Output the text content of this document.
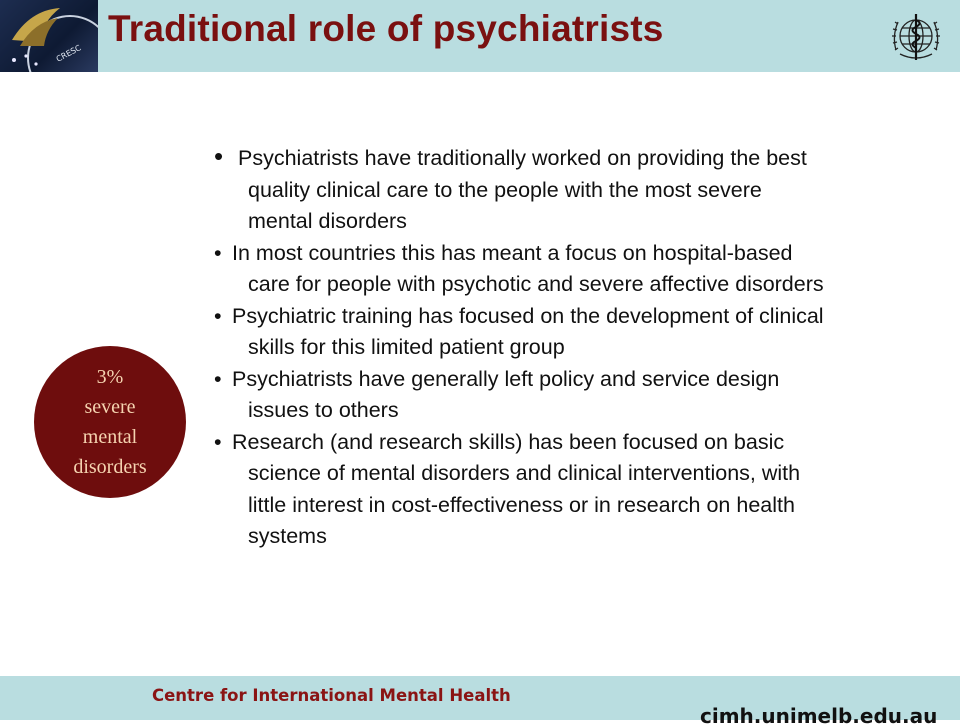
CRESC
Traditional role of psychiatrists
3%
severe
mental
disorders
• Psychiatrists have traditionally worked on providing the best quality clinical care to the people with the most severe mental disorders
• In most countries this has meant a focus on hospital-based care for people with psychotic and severe affective disorders
• Psychiatric training has focused on the development of clinical skills for this limited patient group
• Psychiatrists have generally left policy and service design issues to others
• Research (and research skills) has been focused on basic science of mental disorders and clinical interventions, with little interest in cost-effectiveness or in research on health systems
Centre for International Mental Health
cimh.unimelb.edu.au
